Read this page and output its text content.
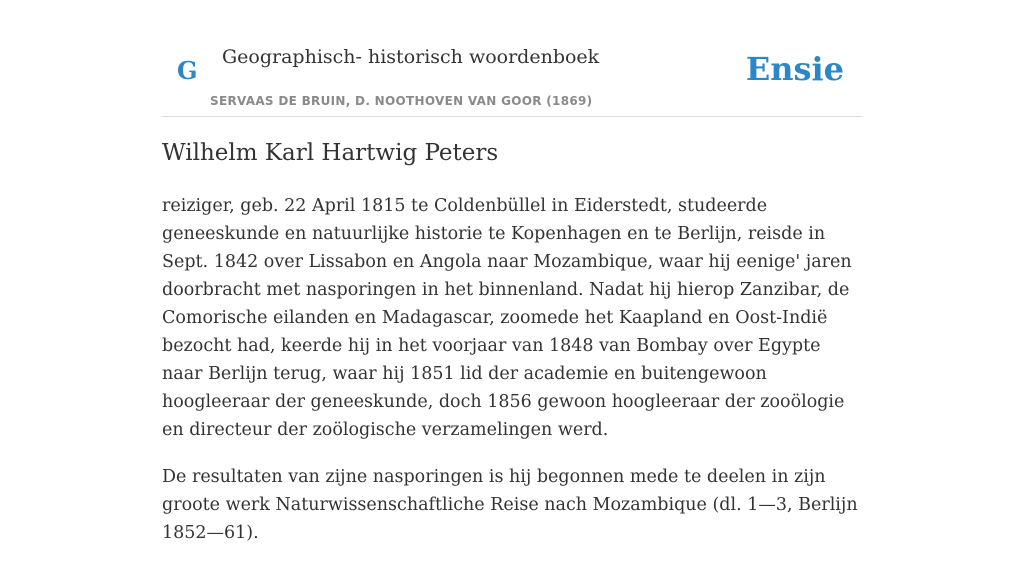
G Geographisch- historisch woordenboek
SERVAAS DE BRUIN, D. NOOTHOVEN VAN GOOR (1869)
Ensie
Wilhelm Karl Hartwig Peters

reiziger, geb. 22 April 1815 te Coldenbüllel in Eiderstedt, studeerde geneeskunde en natuurlijke historie te Kopenhagen en te Berlijn, reisde in Sept. 1842 over Lissabon en Angola naar Mozambique, waar hij eenige' jaren doorbracht met nasporingen in het binnenland. Nadat hij hierop Zanzibar, de Comorische eilanden en Madagascar, zoomede het Kaapland en Oost-Indië bezocht had, keerde hij in het voorjaar van 1848 van Bombay over Egypte naar Berlijn terug, waar hij 1851 lid der academie en buitengewoon hoogleeraar der geneeskunde, doch 1856 gewoon hoogleeraar der zooölogie en directeur der zoölogische verzamelingen werd.

De resultaten van zijne nasporingen is hij begonnen mede te deelen in zijn groote werk Naturwissenschaftliche Reise nach Mozambique (dl. 1—3, Berlijn 1852—61).
